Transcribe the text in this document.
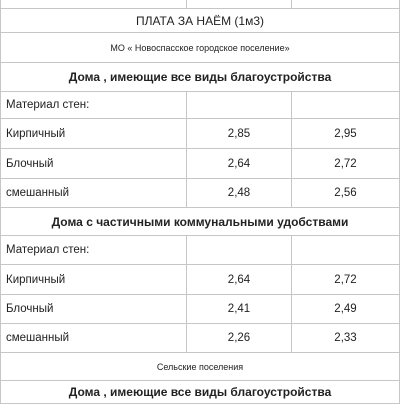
ПЛАТА ЗА НАЁМ (1м3)
МО « Новоспасское городское поселение»
Дома , имеющие все виды благоустройства
Материал стен:
Кирпичный	2,85	2,95
Блочный	2,64	2,72
смешанный	2,48	2,56
Дома с частичными коммунальными удобствами
Материал стен:
Кирпичный	2,64	2,72
Блочный	2,41	2,49
смешанный	2,26	2,33
Сельские поселения
Дома , имеющие все виды благоустройства
